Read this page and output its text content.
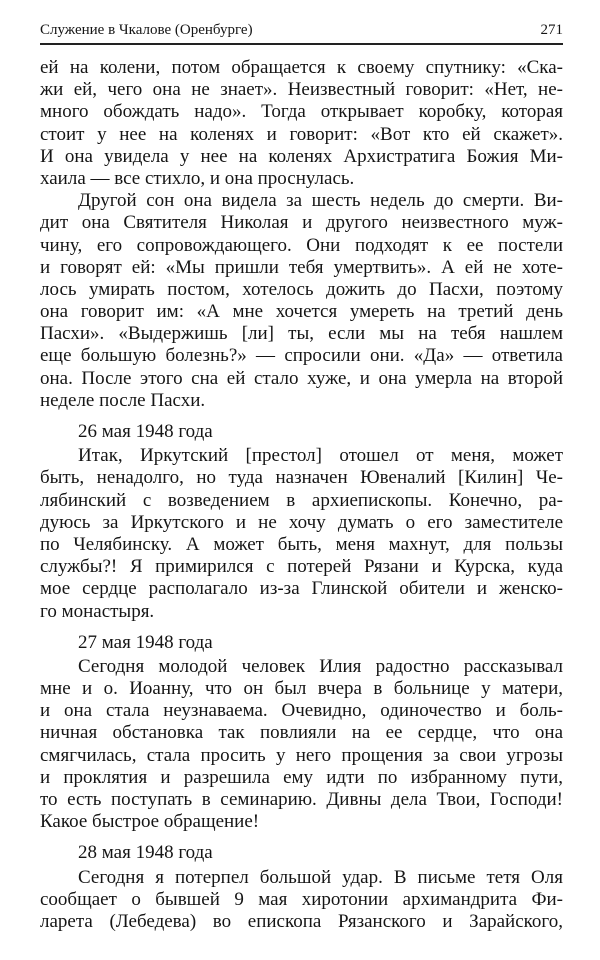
Служение в Чкалове (Оренбурге)	271
ей на колени, потом обращается к своему спутнику: «Ска-
жи ей, чего она не знает». Неизвестный говорит: «Нет, не-
много обождать надо». Тогда открывает коробку, которая
стоит у нее на коленях и говорит: «Вот кто ей скажет».
И она увидела у нее на коленях Архистратига Божия Ми-
хаила — все стихло, и она проснулась.
Другой сон она видела за шесть недель до смерти. Ви-
дит она Святителя Николая и другого неизвестного муж-
чину, его сопровождающего. Они подходят к ее постели
и говорят ей: «Мы пришли тебя умертвить». А ей не хоте-
лось умирать постом, хотелось дожить до Пасхи, поэтому
она говорит им: «А мне хочется умереть на третий день
Пасхи». «Выдержишь [ли] ты, если мы на тебя нашлем
еще большую болезнь?» — спросили они. «Да» — ответила
она. После этого сна ей стало хуже, и она умерла на второй
неделе после Пасхи.
26 мая 1948 года
Итак, Иркутский [престол] отошел от меня, может
быть, ненадолго, но туда назначен Ювеналий [Килин] Че-
лябинский с возведением в архиепископы. Конечно, ра-
дуюсь за Иркутского и не хочу думать о его заместителе
по Челябинску. А может быть, меня махнут, для пользы
службы?! Я примирился с потерей Рязани и Курска, куда
мое сердце располагало из-за Глинской обители и женско-
го монастыря.
27 мая 1948 года
Сегодня молодой человек Илия радостно рассказывал
мне и о. Иоанну, что он был вчера в больнице у матери,
и она стала неузнаваема. Очевидно, одиночество и боль-
ничная обстановка так повлияли на ее сердце, что она
смягчилась, стала просить у него прощения за свои угрозы
и проклятия и разрешила ему идти по избранному пути,
то есть поступать в семинарию. Дивны дела Твои, Господи!
Какое быстрое обращение!
28 мая 1948 года
Сегодня я потерпел большой удар. В письме тетя Оля
сообщает о бывшей 9 мая хиротонии архимандрита Фи-
ларета (Лебедева) во епископа Рязанского и Зарайского,
